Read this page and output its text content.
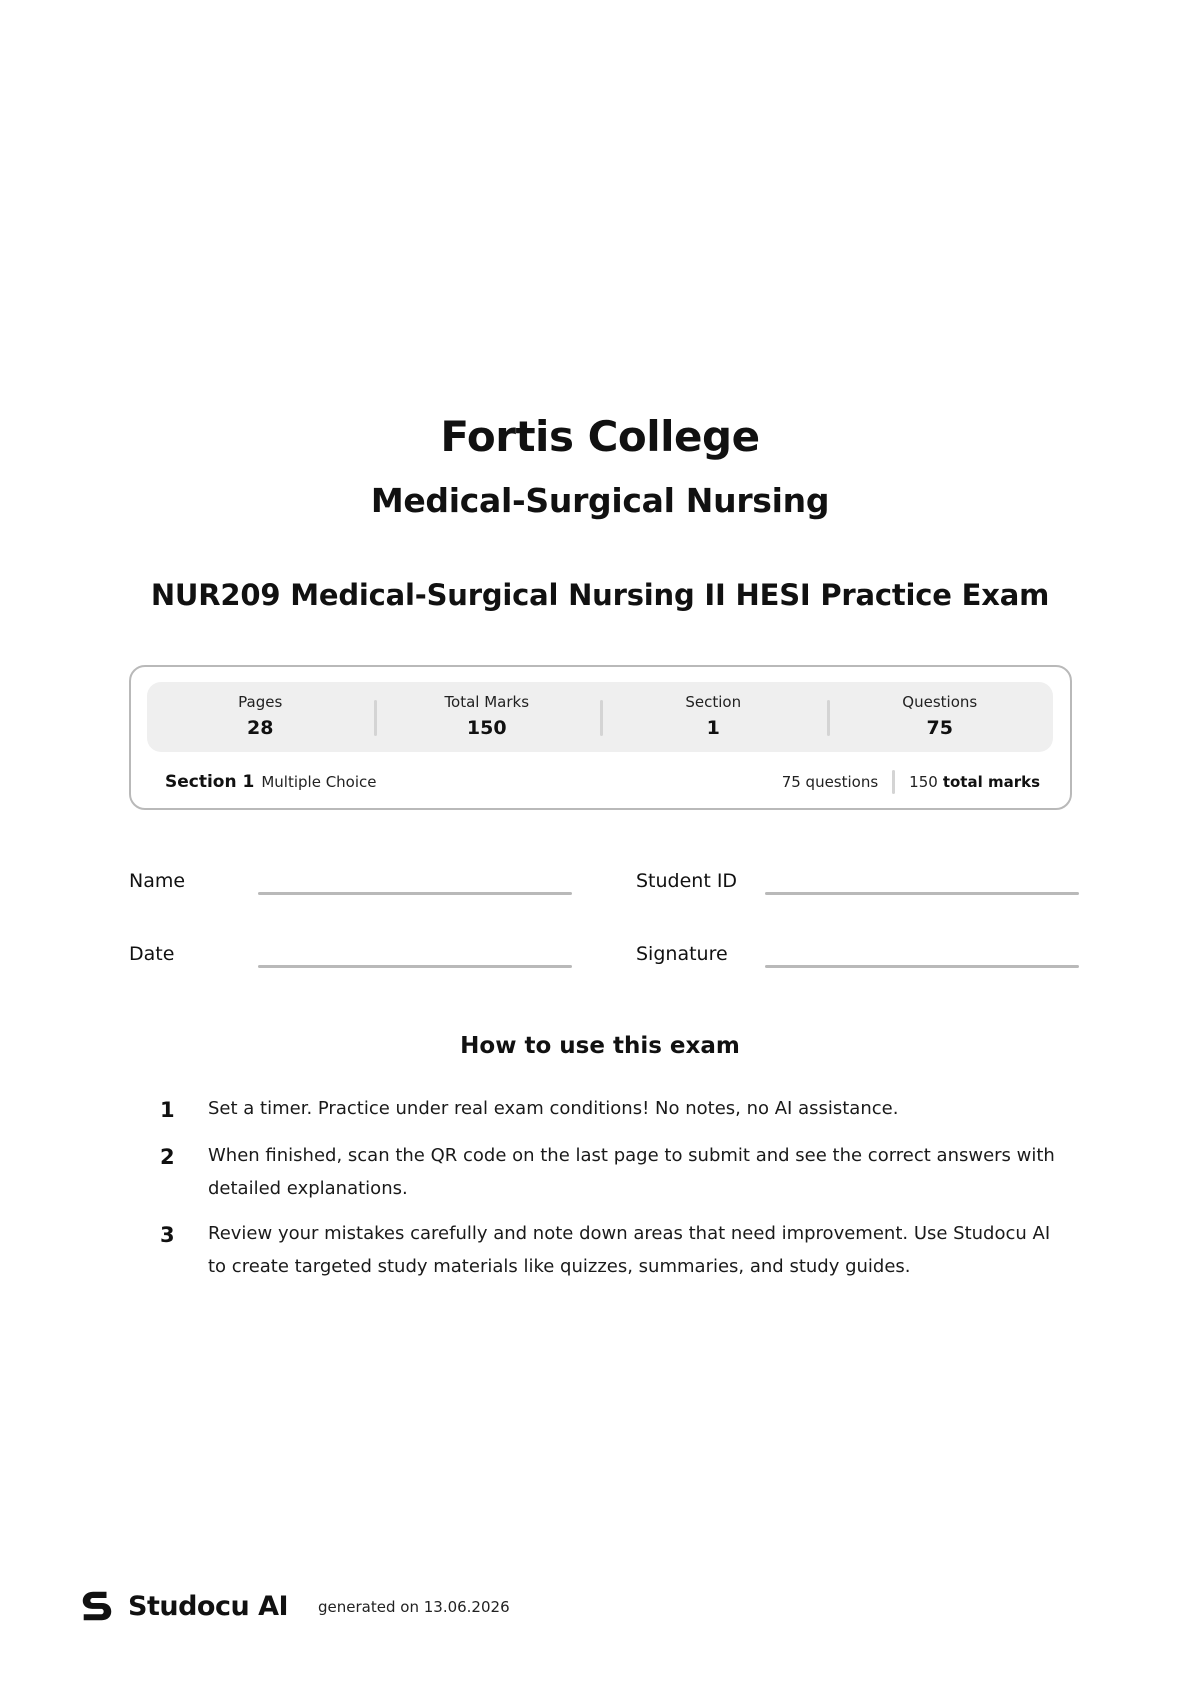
Fortis College
Medical-Surgical Nursing
NUR209 Medical-Surgical Nursing II HESI Practice Exam
Pages
28
Total Marks
150
Section
1
Questions
75
Section 1 Multiple Choice	75 questions 150 total marks
Name	Student ID
Date	Signature
How to use this exam
1	Set a timer. Practice under real exam conditions! No notes, no AI assistance.
2	When finished, scan the QR code on the last page to submit and see the correct answers with detailed explanations.
3	Review your mistakes carefully and note down areas that need improvement. Use Studocu AI to create targeted study materials like quizzes, summaries, and study guides.
Studocu AI generated on 13.06.2026
